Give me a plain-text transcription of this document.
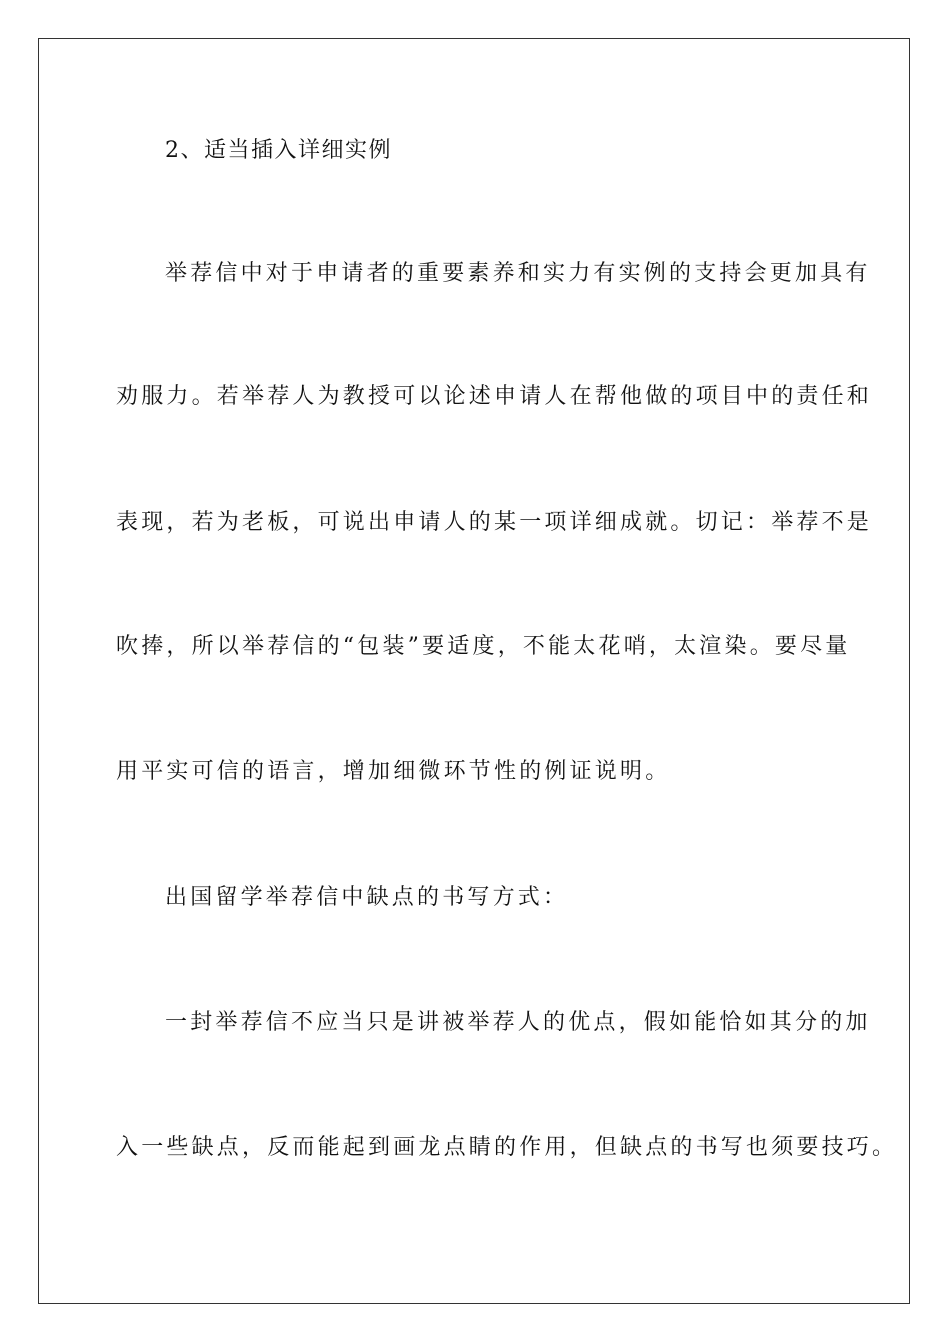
2、适当插入详细实例
举荐信中对于申请者的重要素养和实力有实例的支持会更加具有
劝服力。若举荐人为教授可以论述申请人在帮他做的项目中的责任和
表现，若为老板，可说出申请人的某一项详细成就。切记：举荐不是
吹捧，所以举荐信的“包装”要适度，不能太花哨，太渲染。要尽量
用平实可信的语言，增加细微环节性的例证说明。
出国留学举荐信中缺点的书写方式：
一封举荐信不应当只是讲被举荐人的优点，假如能恰如其分的加
入一些缺点，反而能起到画龙点睛的作用，但缺点的书写也须要技巧。
